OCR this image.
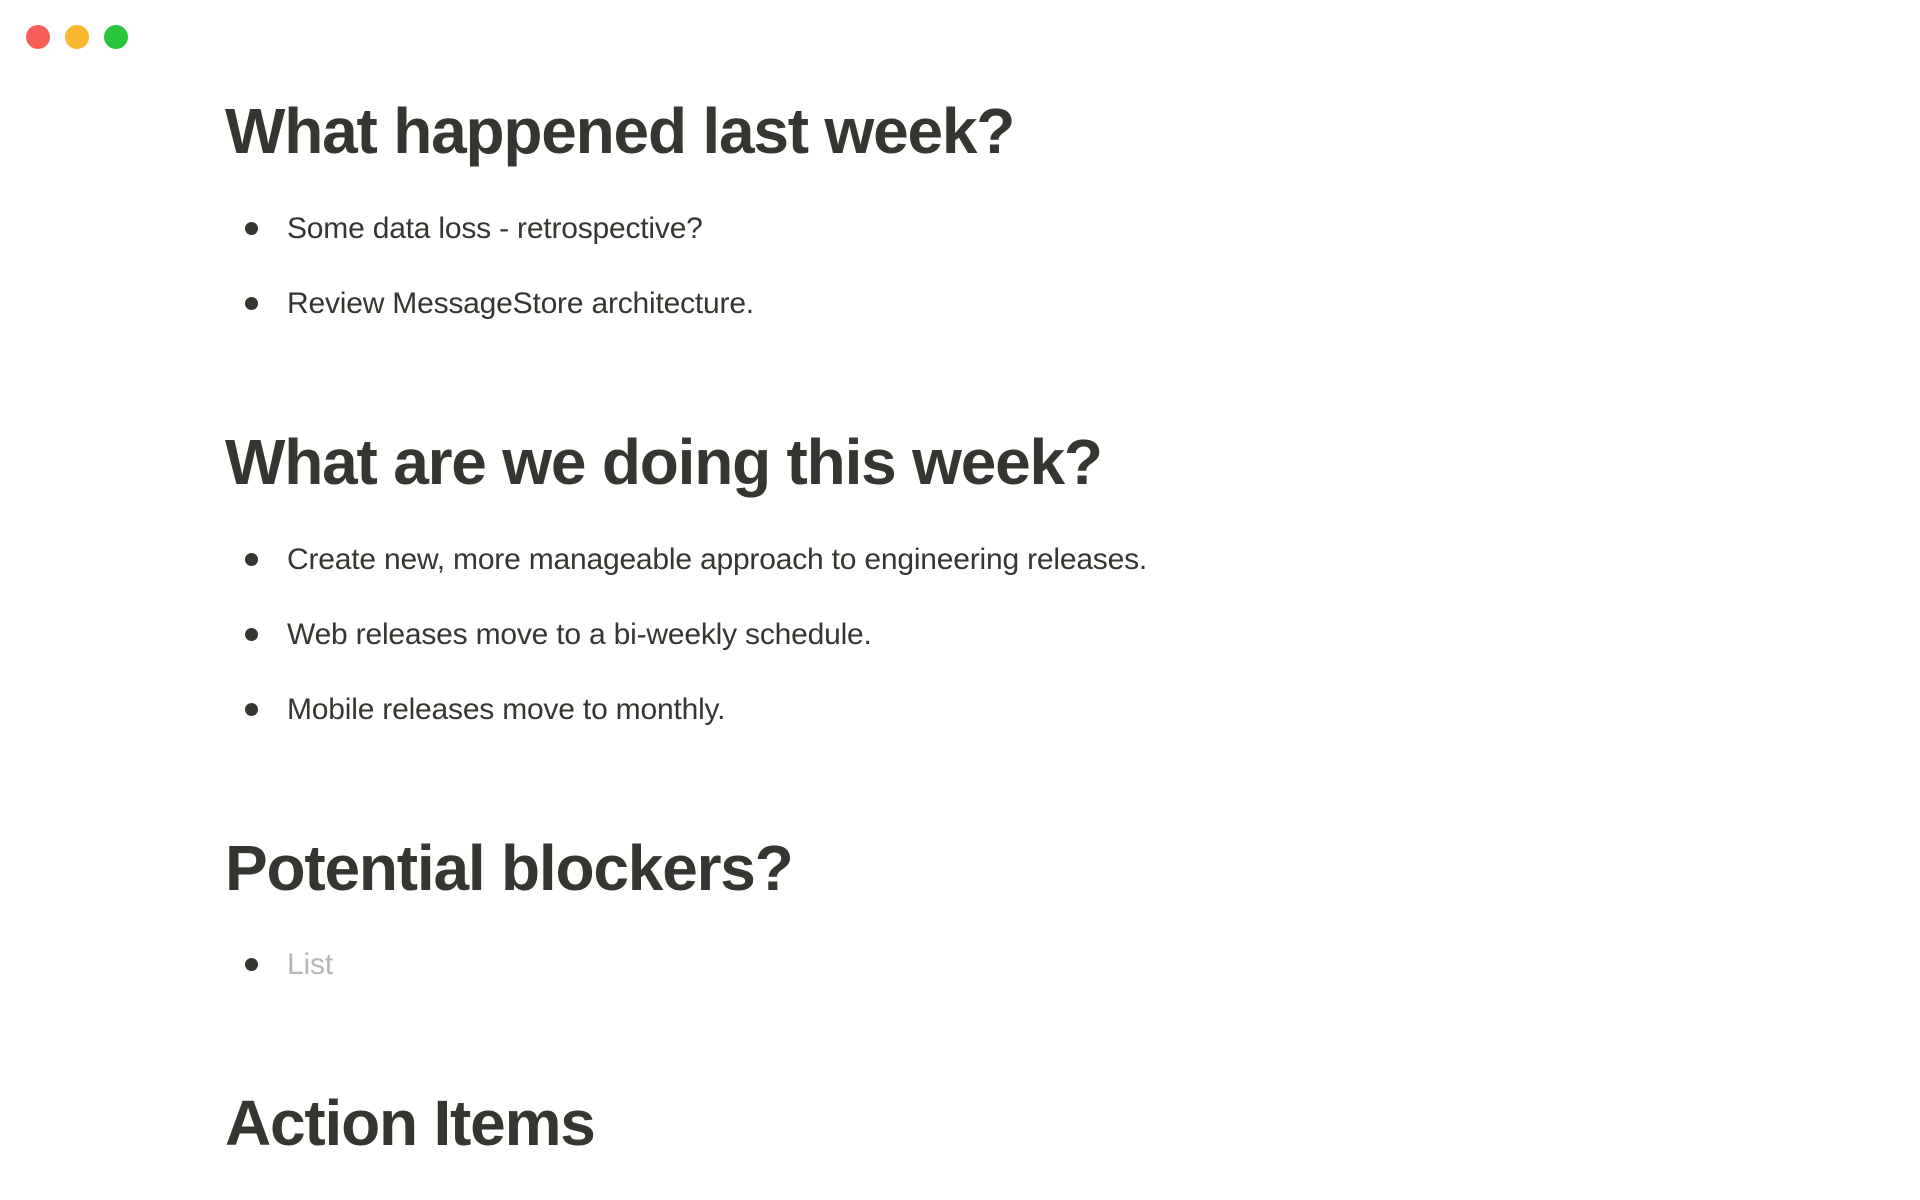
What happened last week?
Some data loss - retrospective?
Review MessageStore architecture.
What are we doing this week?
Create new, more manageable approach to engineering releases.
Web releases move to a bi-weekly schedule.
Mobile releases move to monthly.
Potential blockers?
List
Action Items
